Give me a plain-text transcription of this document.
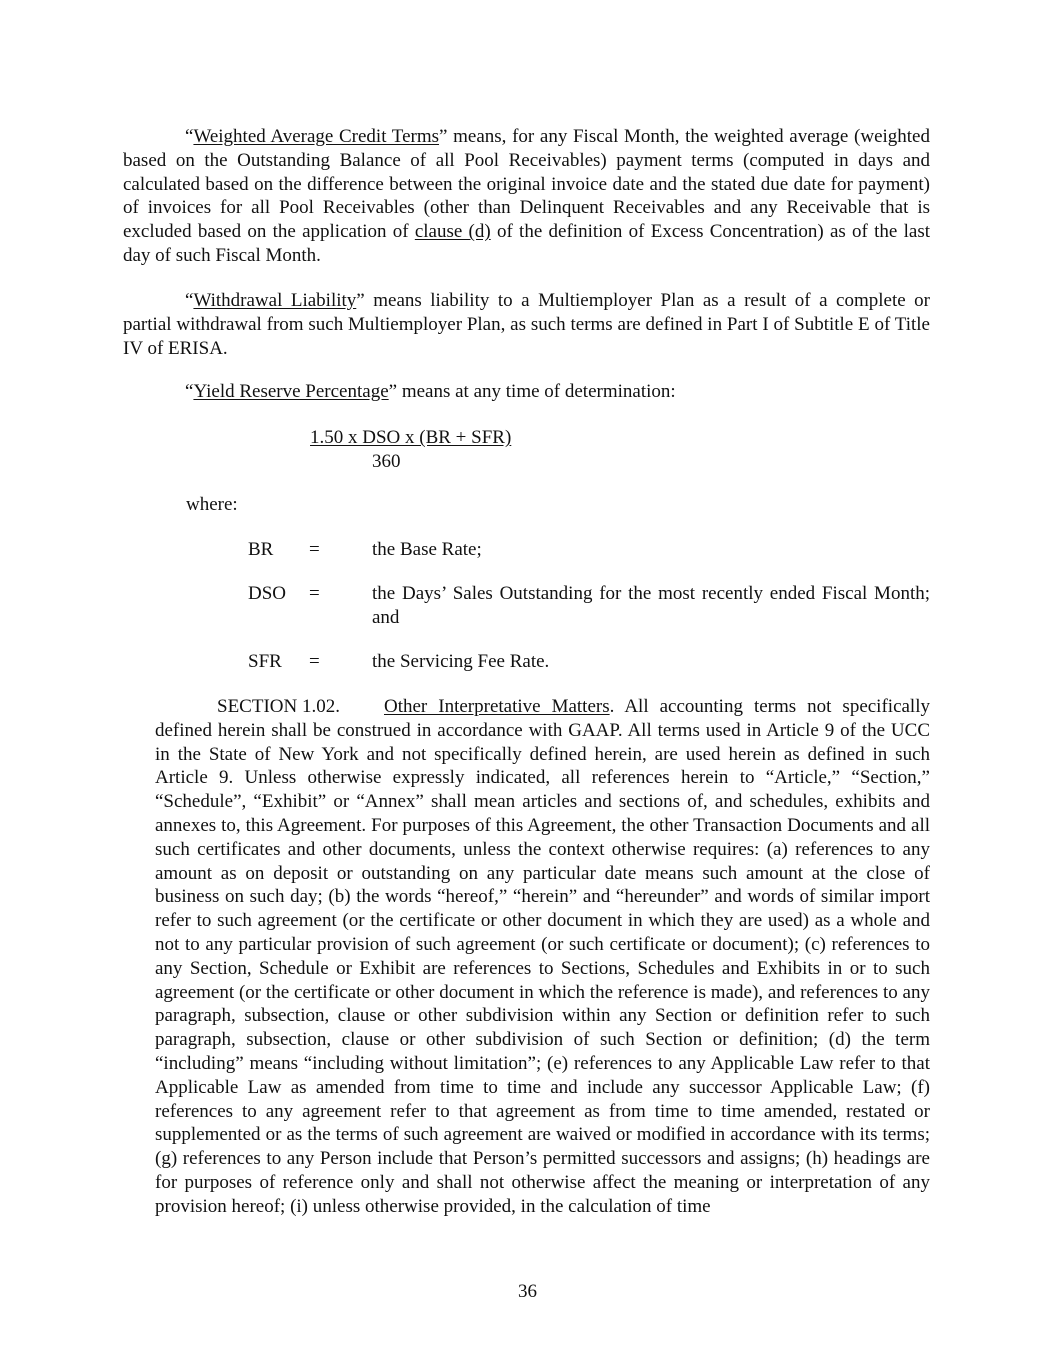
“Weighted Average Credit Terms” means, for any Fiscal Month, the weighted average (weighted based on the Outstanding Balance of all Pool Receivables) payment terms (computed in days and calculated based on the difference between the original invoice date and the stated due date for payment) of invoices for all Pool Receivables (other than Delinquent Receivables and any Receivable that is excluded based on the application of clause (d) of the definition of Excess Concentration) as of the last day of such Fiscal Month.

“Withdrawal Liability” means liability to a Multiemployer Plan as a result of a complete or partial withdrawal from such Multiemployer Plan, as such terms are defined in Part I of Subtitle E of Title IV of ERISA.

“Yield Reserve Percentage” means at any time of determination:

1.50 x DSO x (BR + SFR)
360
where:
BR =	the Base Rate;
DSO =	the Days’ Sales Outstanding for the most recently ended Fiscal Month; and
SFR =	the Servicing Fee Rate.

SECTION 1.02. Other Interpretative Matters. All accounting terms not specifically defined herein shall be construed in accordance with GAAP. All terms used in Article 9 of the UCC in the State of New York and not specifically defined herein, are used herein as defined in such Article 9. Unless otherwise expressly indicated, all references herein to “Article,” “Section,” “Schedule”, “Exhibit” or “Annex” shall mean articles and sections of, and schedules, exhibits and annexes to, this Agreement. For purposes of this Agreement, the other Transaction Documents and all such certificates and other documents, unless the context otherwise requires: (a) references to any amount as on deposit or outstanding on any particular date means such amount at the close of business on such day; (b) the words “hereof,” “herein” and “hereunder” and words of similar import refer to such agreement (or the certificate or other document in which they are used) as a whole and not to any particular provision of such agreement (or such certificate or document); (c) references to any Section, Schedule or Exhibit are references to Sections, Schedules and Exhibits in or to such agreement (or the certificate or other document in which the reference is made), and references to any paragraph, subsection, clause or other subdivision within any Section or definition refer to such paragraph, subsection, clause or other subdivision of such Section or definition; (d) the term “including” means “including without limitation”; (e) references to any Applicable Law refer to that Applicable Law as amended from time to time and include any successor Applicable Law; (f) references to any agreement refer to that agreement as from time to time amended, restated or supplemented or as the terms of such agreement are waived or modified in accordance with its terms; (g) references to any Person include that Person’s permitted successors and assigns; (h) headings are for purposes of reference only and shall not otherwise affect the meaning or interpretation of any provision hereof; (i) unless otherwise provided, in the calculation of time

36
